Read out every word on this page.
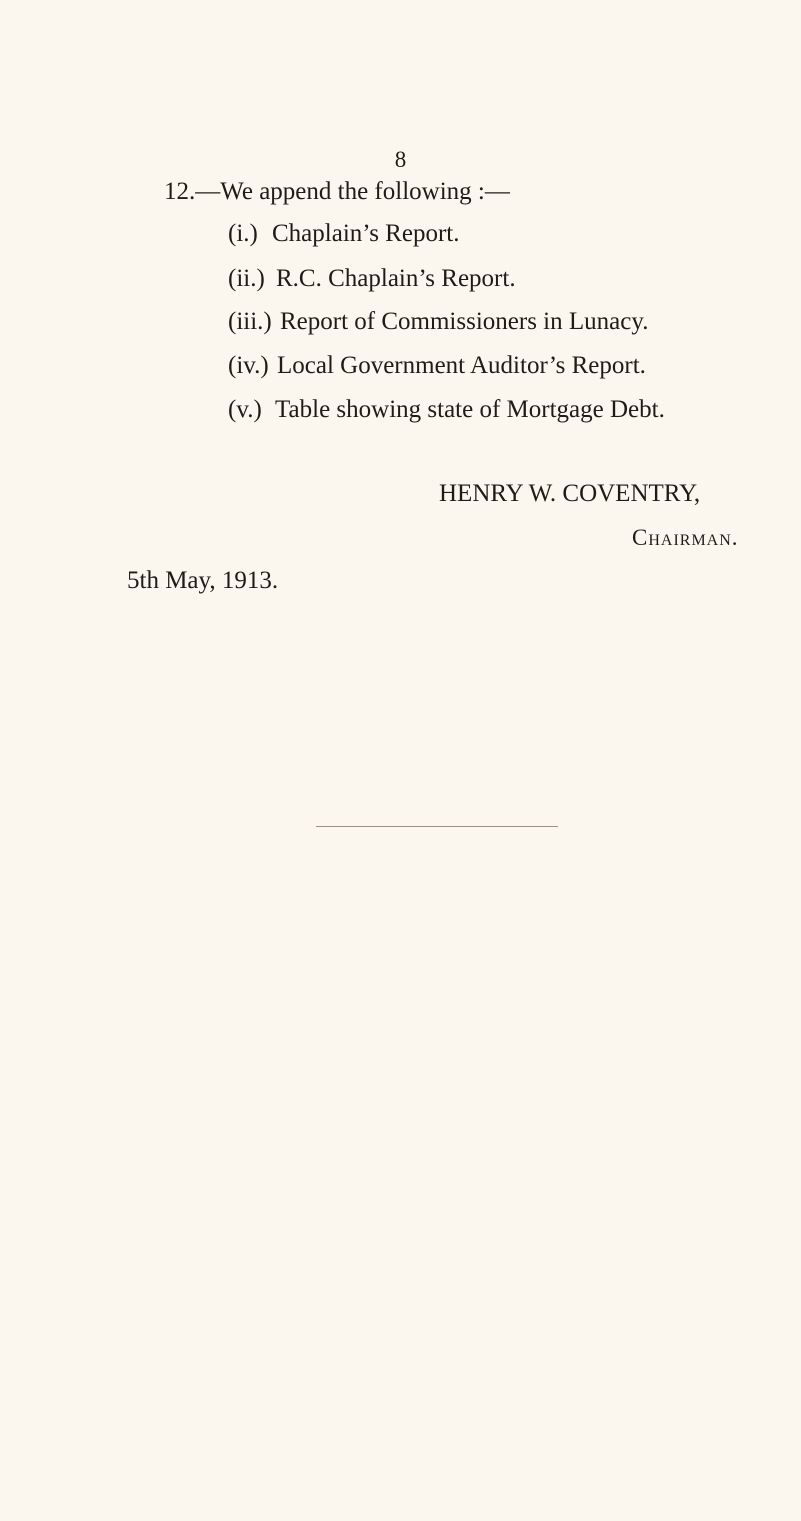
8
12.—We append the following :—
(i.) Chaplain’s Report.
(ii.) R.C. Chaplain’s Report.
(iii.) Report of Commissioners in Lunacy.
(iv.) Local Government Auditor’s Report.
(v.) Table showing state of Mortgage Debt.
HENRY W. COVENTRY,
Chairman.
5th May, 1913.
